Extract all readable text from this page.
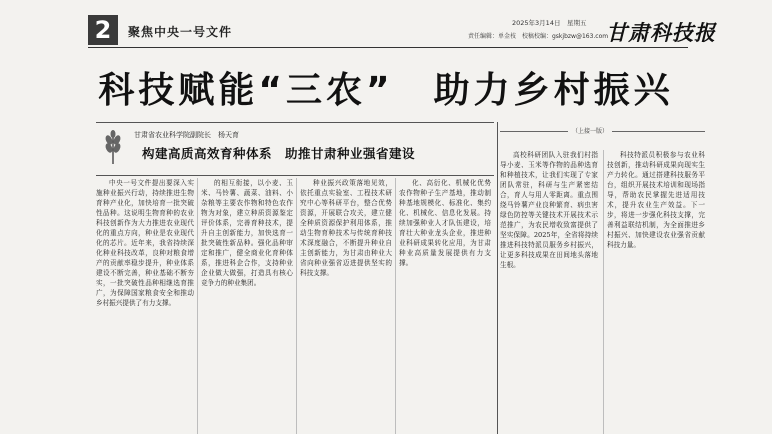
2	聚焦中央一号文件
2025年3月14日　星期五
责任编辑：单金枝　校稿校编：gskjbzw@163.com
甘肃科技报
科技赋能“三农”　助力乡村振兴
甘肃省农业科学院副院长　杨天育
构建高质高效育种体系　助推甘肃种业强省建设

中央一号文件提出要深入实施种业振兴行动，持续推进生物育种产业化，加快培育一批突破性品种。这说明生物育种的农业科技创新作为大力推进农业现代化的重点方向，种业是农业现代化的芯片。近年来，我省持续深化种业科技改革，良种对粮食增产的贡献率稳步提升，种业体系建设不断完善，种业基础不断夯实，一批突破性品种相继选育推广，为保障国家粮食安全和推动乡村振兴提供了有力支撑。

的相互衔接，以小麦、玉米、马铃薯、蔬菜、油料、小杂粮等主要农作物和特色农作物为对象，建立种质资源鉴定评价体系，完善育种技术，提升自主创新能力，加快选育一批突破性新品种。强化品种审定和推广，健全商业化育种体系，推进科企合作，支持种业企业做大做强，打造具有核心竞争力的种业集团。

种业振兴政策落地见效，依托重点实验室、工程技术研究中心等科研平台，整合优势资源，开展联合攻关，建立健全种质资源保护利用体系，推动生物育种技术与传统育种技术深度融合，不断提升种业自主创新能力，为甘肃由种业大省向种业强省迈进提供坚实的科技支撑。

化、高衍化、机械化优势农作物种子生产基地，推动制种基地规模化、标准化、集约化、机械化、信息化发展。持续加强种业人才队伍建设，培育壮大种业龙头企业，推进种业科研成果转化应用，为甘肃种业高质量发展提供有力支撑。

（上接一版）

高校科研团队入驻我们村指导小麦、玉米等作物的品种选育和种植技术，让我们实现了专家团队常驻，科研与生产紧密结合，育人与用人零距离。重点围绕马铃薯产业良种繁育、病虫害绿色防控等关键技术开展技术示范推广，为农民增收致富提供了坚实保障。2025年，全省将持续推进科技特派员服务乡村振兴，让更多科技成果在田间地头落地生根。

科技特派员积极参与农业科技创新，推动科研成果向现实生产力转化。通过搭建科技服务平台，组织开展技术培训和现场指导，帮助农民掌握先进适用技术，提升农业生产效益。下一步，将进一步强化科技支撑，完善利益联结机制，为全面推进乡村振兴、加快建设农业强省贡献科技力量。
